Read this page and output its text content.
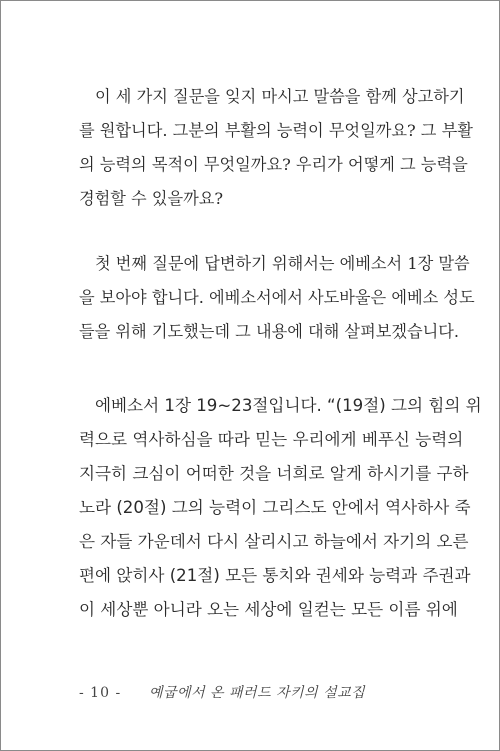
이 세 가지 질문을 잊지 마시고 말씀을 함께 상고하기
를 원합니다. 그분의 부활의 능력이 무엇일까요? 그 부활
의 능력의 목적이 무엇일까요? 우리가 어떻게 그 능력을
경험할 수 있을까요?
첫 번째 질문에 답변하기 위해서는 에베소서 1장 말씀
을 보아야 합니다. 에베소서에서 사도바울은 에베소 성도
들을 위해 기도했는데 그 내용에 대해 살펴보겠습니다.
에베소서 1장 19~23절입니다. “(19절) 그의 힘의 위
력으로 역사하심을 따라 믿는 우리에게 베푸신 능력의
지극히 크심이 어떠한 것을 너희로 알게 하시기를 구하
노라 (20절) 그의 능력이 그리스도 안에서 역사하사 죽
은 자들 가운데서 다시 살리시고 하늘에서 자기의 오른
편에 앉히사 (21절) 모든 통치와 권세와 능력과 주권과
이 세상뿐 아니라 오는 세상에 일컫는 모든 이름 위에
- 10 - 예굽에서 온 패러드 자키의 설교집
